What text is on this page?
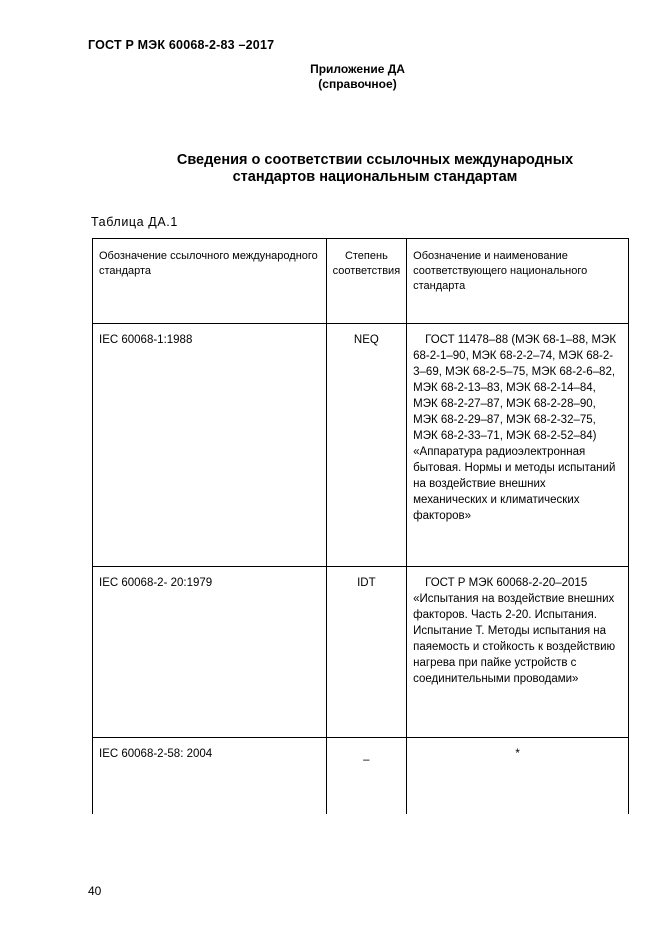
ГОСТ Р МЭК 60068-2-83 –2017
Приложение ДА
(справочное)
Сведения о соответствии ссылочных международных
стандартов национальным стандартам
Таблица ДА.1
Обозначение ссылочного международного стандарта	Степень соответствия	Обозначение и наименование соответствующего национального стандарта
IEC 60068-1:1988	NEQ	ГОСТ 11478–88 (МЭК 68-1–88, МЭК 68-2-1–90, МЭК 68-2-2–74, МЭК 68-2-3–69, МЭК 68-2-5–75, МЭК 68-2-6–82, МЭК 68-2-13–83, МЭК 68-2-14–84, МЭК 68-2-27–87, МЭК 68-2-28–90, МЭК 68-2-29–87, МЭК 68-2-32–75, МЭК 68-2-33–71, МЭК 68-2-52–84) «Аппаратура радиоэлектронная бытовая. Нормы и методы испытаний на воздействие внешних механических и климатических факторов»
IEC 60068-2- 20:1979	IDT	ГОСТ Р МЭК 60068-2-20–2015 «Испытания на воздействие внешних факторов. Часть 2-20. Испытания. Испытание Т. Методы испытания на паяемость и стойкость к воздействию нагрева при пайке устройств с соединительными проводами»
IEC 60068-2-58: 2004	–	*
40
